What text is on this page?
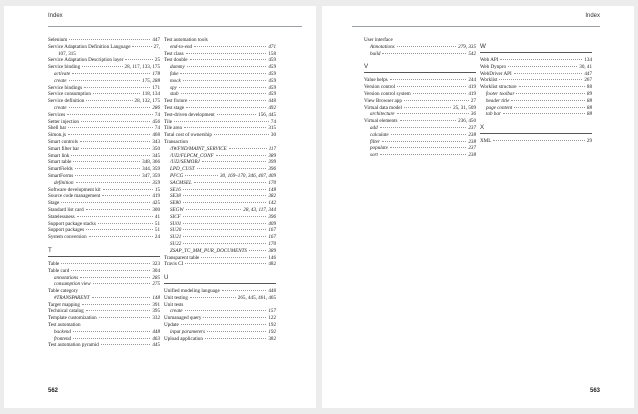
Index
Selenium	447
Service Adaptation Definition Language	27,
107, 315
Service Adaptation Description layer	25
Service binding	28, 117, 133, 175
activate	178
create	175, 288
Service bindings	171
Service consumption	118, 134
Service definition	28, 132, 175
create	286
Services	74
Setter injection	456
Shell bar	74
Simon.js	468
Smart controls	343
Smart filter bar	350
Smart link	345
Smart table	348, 366
SmartFields	344, 359
SmartForms	347, 359
definition	359
Software development kit	15
Source code management	419
Stage	425
Standard list card	300
Statelessness	41
Support package stacks	51
Support packages	51
System conversion	24
T
Table	323
Table card	304
annotations	285
consumption view	275
Table category
#TRANSPARENT	148
Target mapping	391
Technical catalog	395
Template customization	332
Test automation
backend	448
frontend	463
Test automation pyramid	445
Test automation tools
end-to-end	471
Test class	158
Test double	459
dummy	459
fake	459
mock	459
spy	459
stub	459
Test fixture	448
Test stage	492
Test-driven development	156, 445
Tile	74
Tile area	315
Total cost of ownership	30
Transaction
/IWFND/MAINT_SERVICE	117
/UI2/FLPCM_CONF	389
/UI2/SEMOBJ	399
LPD_CUST	396
PFCG	30, 169–170, 346, 407, 409
SACMSEL	170
SE16	148
SE38	382
SE80	142
SEGW	28, 43, 117, 344
SICF	396
SU01	409
SU20	167
SU21	167
SU22	170
ZSAP_TC_MM_PUR_DOCUMENTS	389
Transparent table	146
Travis CI	482
U
Unified modeling language	448
Unit testing	265, 445, 461, 465
Unit tests
create	157
Unmanaged query	122
Update	192
input parameters	192
Upload application	382
562
Index
User interface
Annotations	279, 335
build	542
V
Value helps	244
Version control	419
Version control system	419
View Browser app	27
Virtual data model	25, 31, 509
architecture	36
Virtual elements	236, 450
add	237
calculate	238
filter	238
populate	237
sort	238
W
Web API	134
Web Dynpro	30, 41
WebDriver API	447
Worklist	267
Worklist structure	88
footer toolbar	89
header title	88
page content	88
tab bar	88
X
XML	29
563
